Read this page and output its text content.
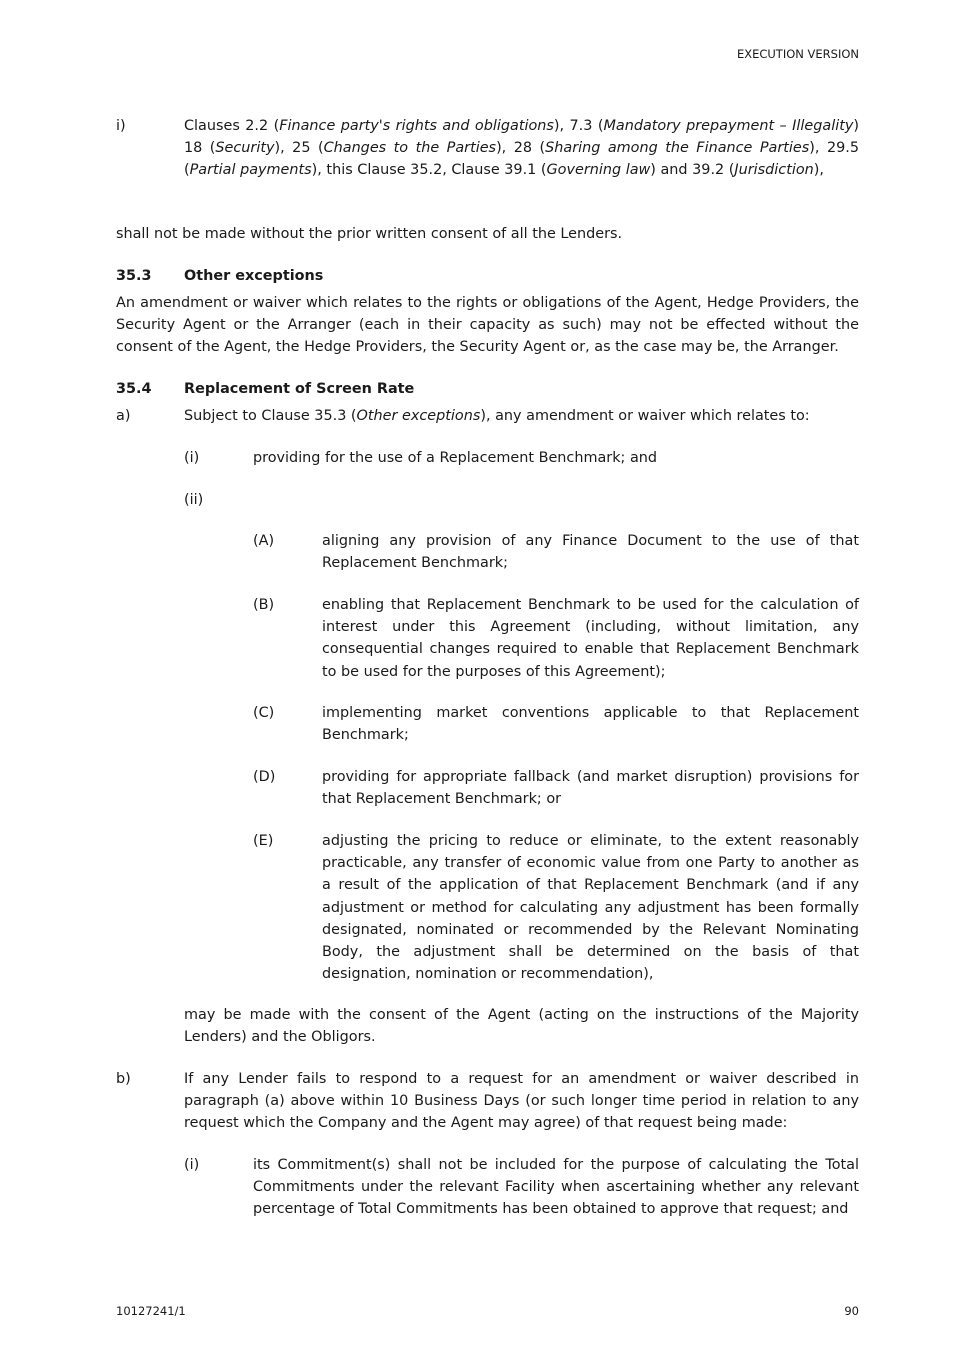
EXECUTION VERSION
i)	Clauses 2.2 (Finance party's rights and obligations), 7.3 (Mandatory prepayment – Illegality) 18 (Security), 25 (Changes to the Parties), 28 (Sharing among the Finance Parties), 29.5 (Partial payments), this Clause 35.2, Clause 39.1 (Governing law) and 39.2 (Jurisdiction),

shall not be made without the prior written consent of all the Lenders.

35.3 Other exceptions

An amendment or waiver which relates to the rights or obligations of the Agent, Hedge Providers, the Security Agent or the Arranger (each in their capacity as such) may not be effected without the consent of the Agent, the Hedge Providers, the Security Agent or, as the case may be, the Arranger.

35.4 Replacement of Screen Rate
a)	Subject to Clause 35.3 (Other exceptions), any amendment or waiver which relates to:

(i)	providing for the use of a Replacement Benchmark; and

(ii)
(A)	aligning any provision of any Finance Document to the use of that Replacement Benchmark;

(B)	enabling that Replacement Benchmark to be used for the calculation of interest under this Agreement (including, without limitation, any consequential changes required to enable that Replacement Benchmark to be used for the purposes of this Agreement);

(C)	implementing market conventions applicable to that Replacement Benchmark;

(D)	providing for appropriate fallback (and market disruption) provisions for that Replacement Benchmark; or

(E)	adjusting the pricing to reduce or eliminate, to the extent reasonably practicable, any transfer of economic value from one Party to another as a result of the application of that Replacement Benchmark (and if any adjustment or method for calculating any adjustment has been formally designated, nominated or recommended by the Relevant Nominating Body, the adjustment shall be determined on the basis of that designation, nomination or recommendation),

may be made with the consent of the Agent (acting on the instructions of the Majority Lenders) and the Obligors.

b)	If any Lender fails to respond to a request for an amendment or waiver described in paragraph (a) above within 10 Business Days (or such longer time period in relation to any request which the Company and the Agent may agree) of that request being made:

(i)	its Commitment(s) shall not be included for the purpose of calculating the Total Commitments under the relevant Facility when ascertaining whether any relevant percentage of Total Commitments has been obtained to approve that request; and

10127241/1	90
